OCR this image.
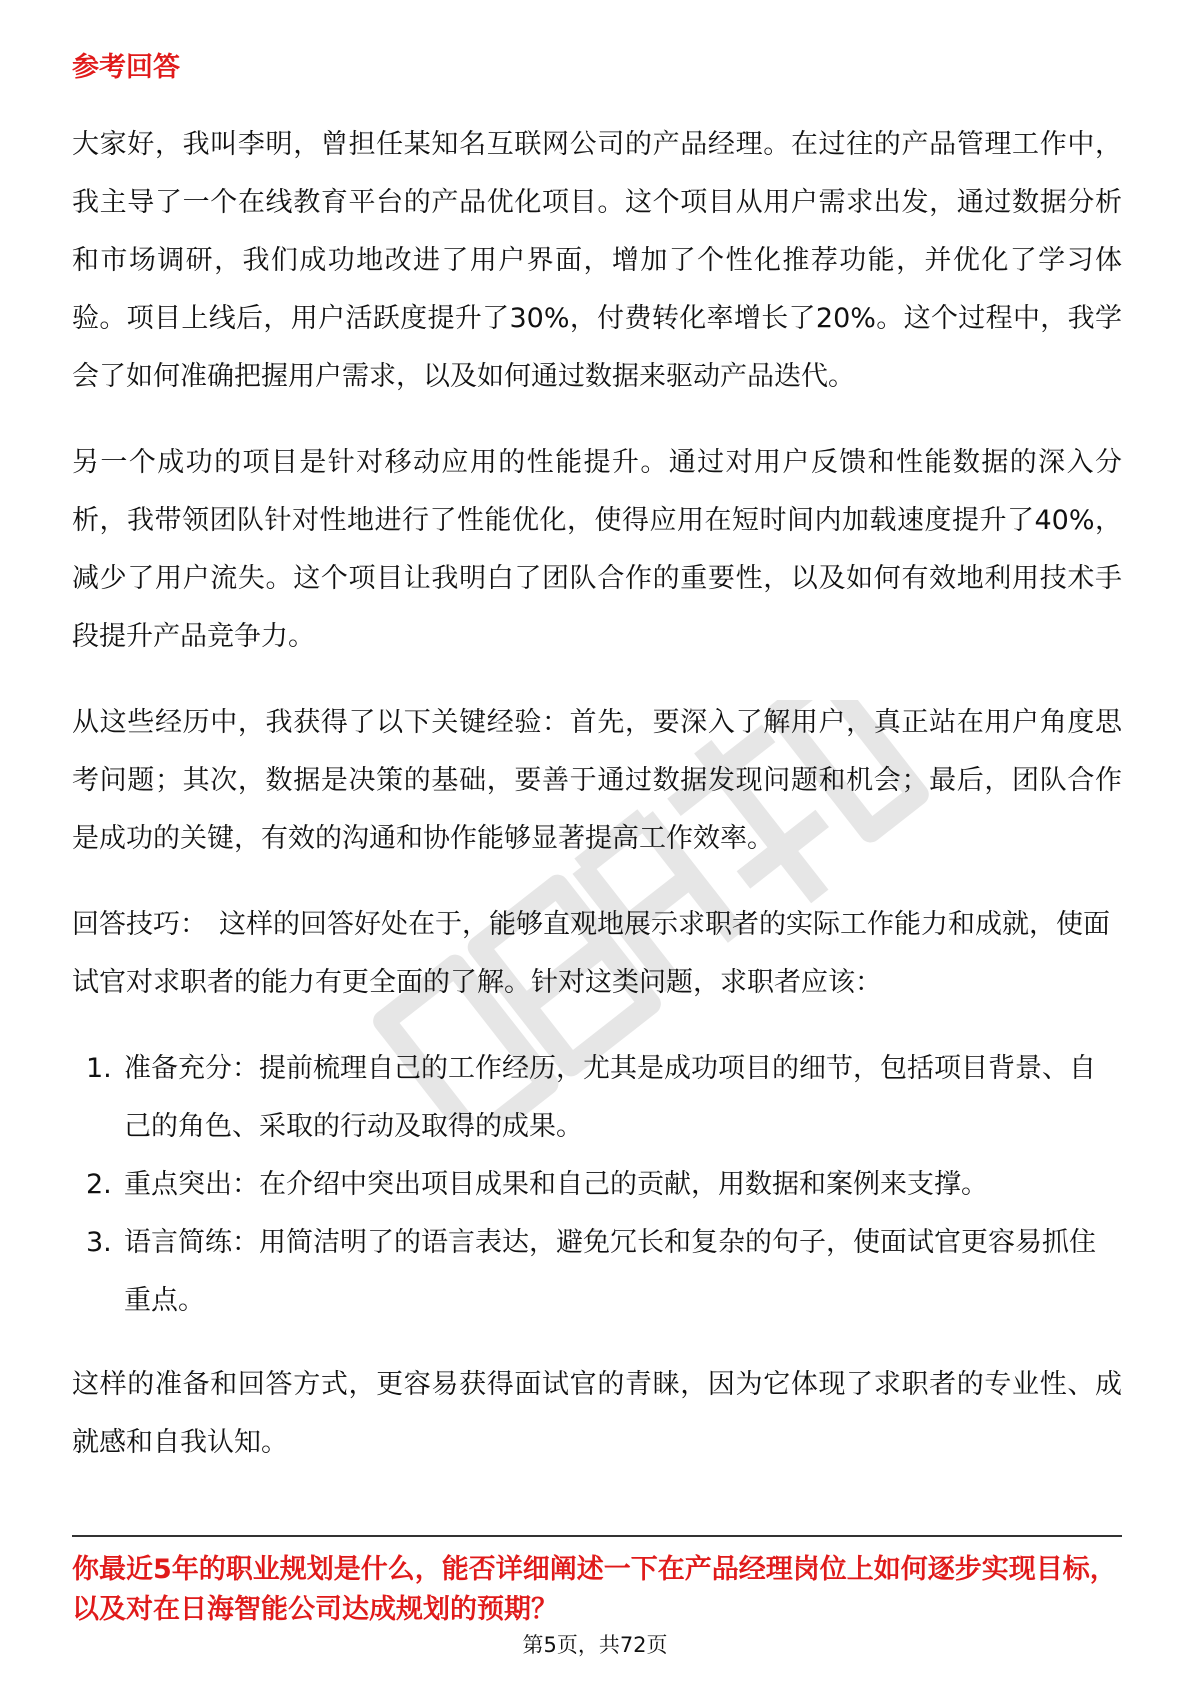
参考回答

大家好，我叫李明，曾担任某知名互联网公司的产品经理。在过往的产品管理工作中，我主导了一个在线教育平台的产品优化项目。这个项目从用户需求出发，通过数据分析和市场调研，我们成功地改进了用户界面，增加了个性化推荐功能，并优化了学习体验。项目上线后，用户活跃度提升了30%，付费转化率增长了20%。这个过程中，我学会了如何准确把握用户需求，以及如何通过数据来驱动产品迭代。

另一个成功的项目是针对移动应用的性能提升。通过对用户反馈和性能数据的深入分析，我带领团队针对性地进行了性能优化，使得应用在短时间内加载速度提升了40%，减少了用户流失。这个项目让我明白了团队合作的重要性，以及如何有效地利用技术手段提升产品竞争力。

从这些经历中，我获得了以下关键经验：首先，要深入了解用户，真正站在用户角度思考问题；其次，数据是决策的基础，要善于通过数据发现问题和机会；最后，团队合作是成功的关键，有效的沟通和协作能够显著提高工作效率。

回答技巧： 这样的回答好处在于，能够直观地展示求职者的实际工作能力和成就，使面试官对求职者的能力有更全面的了解。针对这类问题，求职者应该：

1. 准备充分：提前梳理自己的工作经历，尤其是成功项目的细节，包括项目背景、自己的角色、采取的行动及取得的成果。
2. 重点突出：在介绍中突出项目成果和自己的贡献，用数据和案例来支撑。
3. 语言简练：用简洁明了的语言表达，避免冗长和复杂的句子，使面试官更容易抓住重点。

这样的准备和回答方式，更容易获得面试官的青睐，因为它体现了求职者的专业性、成就感和自我认知。

你最近5年的职业规划是什么，能否详细阐述一下在产品经理岗位上如何逐步实现目标，以及对在日海智能公司达成规划的预期？

第5页，共72页
